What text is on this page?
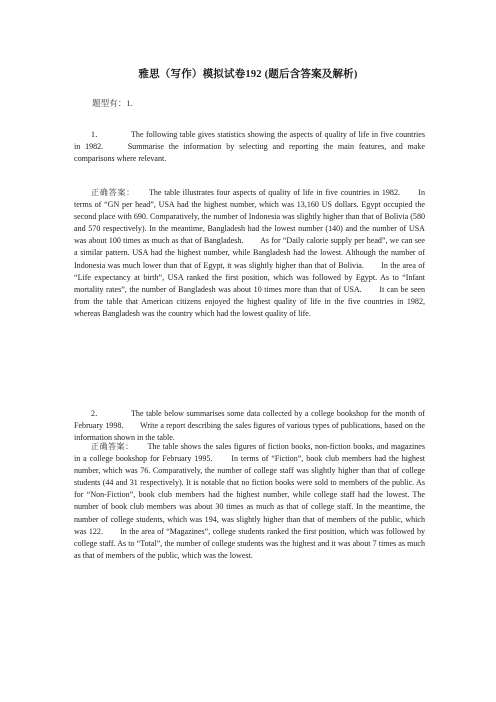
雅思（写作）模拟试卷192 (题后含答案及解析)
题型有：1.

1．	The following table gives statistics showing the aspects of quality of life in five countries in 1982.　　Summarise the information by selecting and reporting the main features, and make comparisons where relevant.

正确答案： The table illustrates four aspects of quality of life in five countries in 1982.　　In terms of “GN per head”, USA had the highest number, which was 13,160 US dollars. Egypt occupied the second place with 690. Comparatively, the number of Indonesia was slightly higher than that of Bolivia (580 and 570 respectively). In the meantime, Bangladesh had the lowest number (140) and the number of USA was about 100 times as much as that of Bangladesh.　　As for “Daily calorie supply per head”, we can see a similar pattern. USA had the highest number, while Bangladesh had the lowest. Although the number of Indonesia was much lower than that of Egypt, it was slightly higher than that of Bolivia.　　In the area of “Life expectancy at birth”, USA ranked the first position, which was followed by Egypt. As to “Infant mortality rates”, the number of Bangladesh was about 10 times more than that of USA.　　It can be seen from the table that American citizens enjoyed the highest quality of life in the five countries in 1982, whereas Bangladesh was the country which had the lowest quality of life.

2．	The table below summarises some data collected by a college bookshop for the month of February 1998.　　Write a report describing the sales figures of various types of publications, based on the information shown in the table.

正确答案： The table shows the sales figures of fiction books, non-fiction books, and magazines in a college bookshop for February 1995.　　In terms of “Fiction”, book club members had the highest number, which was 76. Comparatively, the number of college staff was slightly higher than that of college students (44 and 31 respectively). It is notable that no fiction books were sold to members of the public. As for “Non-Fiction”, book club members had the highest number, while college staff had the lowest. The number of book club members was about 30 times as much as that of college staff. In the meantime, the number of college students, which was 194, was slightly higher than that of members of the public, which was 122.　　In the area of “Magazines”, college students ranked the first position, which was followed by college staff. As to “Total”, the number of college students was the highest and it was about 7 times as much as that of members of the public, which was the lowest.
